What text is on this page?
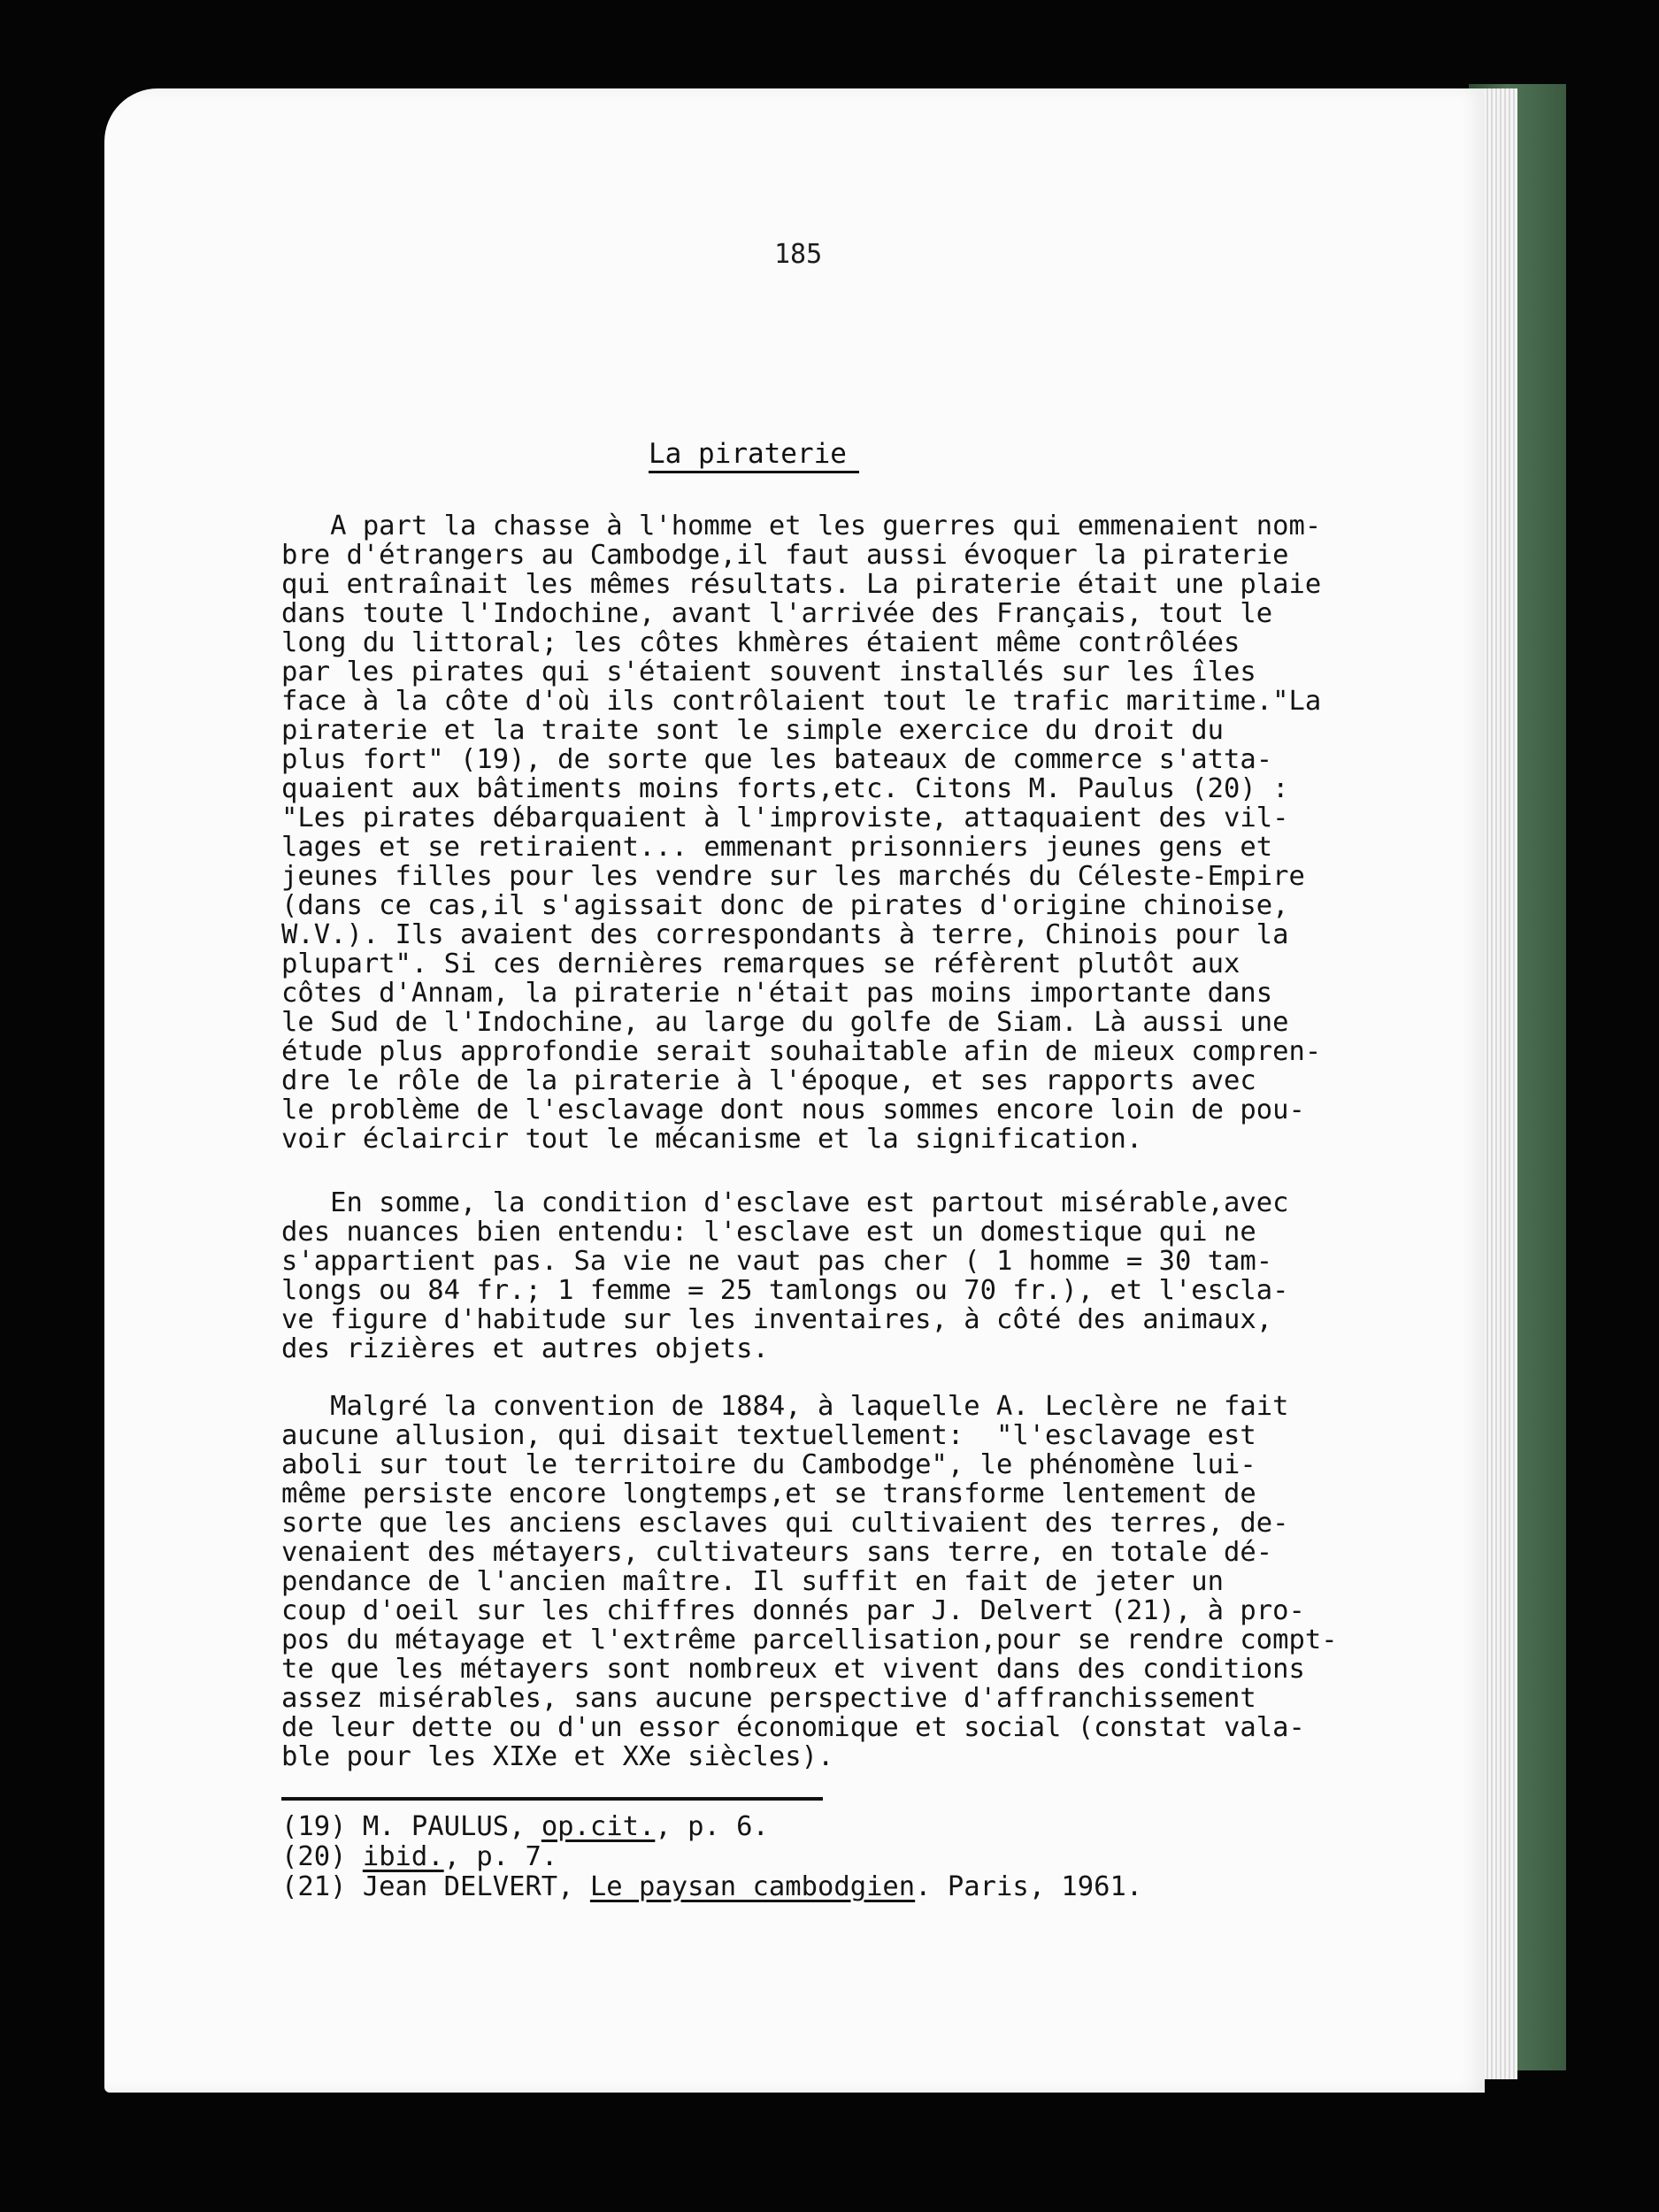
185
La piraterie
A part la chasse à l'homme et les guerres qui emmenaient nom-
bre d'étrangers au Cambodge,il faut aussi évoquer la piraterie
qui entraînait les mêmes résultats. La piraterie était une plaie
dans toute l'Indochine, avant l'arrivée des Français, tout le
long du littoral; les côtes khmères étaient même contrôlées
par les pirates qui s'étaient souvent installés sur les îles
face à la côte d'où ils contrôlaient tout le trafic maritime."La
piraterie et la traite sont le simple exercice du droit du
plus fort" (19), de sorte que les bateaux de commerce s'atta-
quaient aux bâtiments moins forts,etc. Citons M. Paulus (20) :
"Les pirates débarquaient à l'improviste, attaquaient des vil-
lages et se retiraient... emmenant prisonniers jeunes gens et
jeunes filles pour les vendre sur les marchés du Céleste-Empire
(dans ce cas,il s'agissait donc de pirates d'origine chinoise,
W.V.). Ils avaient des correspondants à terre, Chinois pour la
plupart". Si ces dernières remarques se réfèrent plutôt aux
côtes d'Annam, la piraterie n'était pas moins importante dans
le Sud de l'Indochine, au large du golfe de Siam. Là aussi une
étude plus approfondie serait souhaitable afin de mieux compren-
dre le rôle de la piraterie à l'époque, et ses rapports avec
le problème de l'esclavage dont nous sommes encore loin de pou-
voir éclaircir tout le mécanisme et la signification.
En somme, la condition d'esclave est partout misérable,avec
des nuances bien entendu: l'esclave est un domestique qui ne
s'appartient pas. Sa vie ne vaut pas cher ( 1 homme = 30 tam-
longs ou 84 fr.; 1 femme = 25 tamlongs ou 70 fr.), et l'escla-
ve figure d'habitude sur les inventaires, à côté des animaux,
des rizières et autres objets.
Malgré la convention de 1884, à laquelle A. Leclère ne fait
aucune allusion, qui disait textuellement:  "l'esclavage est
aboli sur tout le territoire du Cambodge", le phénomène lui-
même persiste encore longtemps,et se transforme lentement de
sorte que les anciens esclaves qui cultivaient des terres, de-
venaient des métayers, cultivateurs sans terre, en totale dé-
pendance de l'ancien maître. Il suffit en fait de jeter un
coup d'oeil sur les chiffres donnés par J. Delvert (21), à pro-
pos du métayage et l'extrême parcellisation,pour se rendre compt-
te que les métayers sont nombreux et vivent dans des conditions
assez misérables, sans aucune perspective d'affranchissement
de leur dette ou d'un essor économique et social (constat vala-
ble pour les XIXe et XXe siècles).
(19) M. PAULUS, op.cit., p. 6.
(20) ibid., p. 7.
(21) Jean DELVERT, Le paysan cambodgien. Paris, 1961.
